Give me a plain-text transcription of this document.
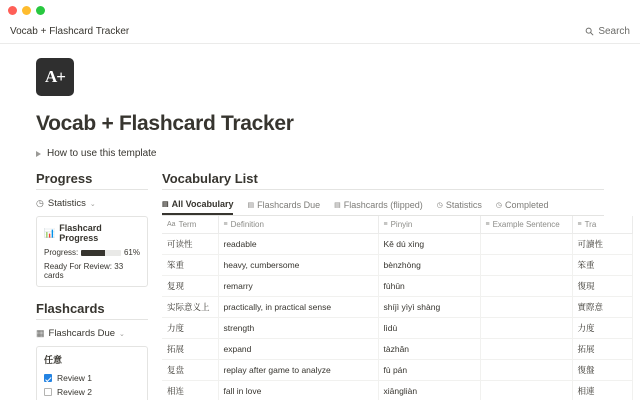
Vocab + Flashcard Tracker	Search
A+
Vocab + Flashcard Tracker
How to use this template
Progress
◷ Statistics ⌄
📊 Flashcard Progress
Progress:	61%
Ready For Review: 33 cards
Flashcards
▦ Flashcards Due ⌄
任意
Review 1
Review 2
Vocabulary List
▤ All Vocabulary ▤ Flashcards Due ▤ Flashcards (flipped) ◷ Statistics ◷ Completed
Aa Term	≡ Definition	≡ Pinyin	≡ Example Sentence	≡ Tra

可读性	readable	Kě dú xìng		可讀性
笨重	heavy, cumbersome	bènzhòng		笨重
复现	remarry	fùhūn		復現
实际意义上	practically, in practical sense	shíjì yìyì shàng		實際意
力度	strength	lìdù		力度
拓展	expand	tàzhǎn		拓展
复盘	replay after game to analyze	fù pán		復盤
相连	fall in love	xiāngliàn		相連
